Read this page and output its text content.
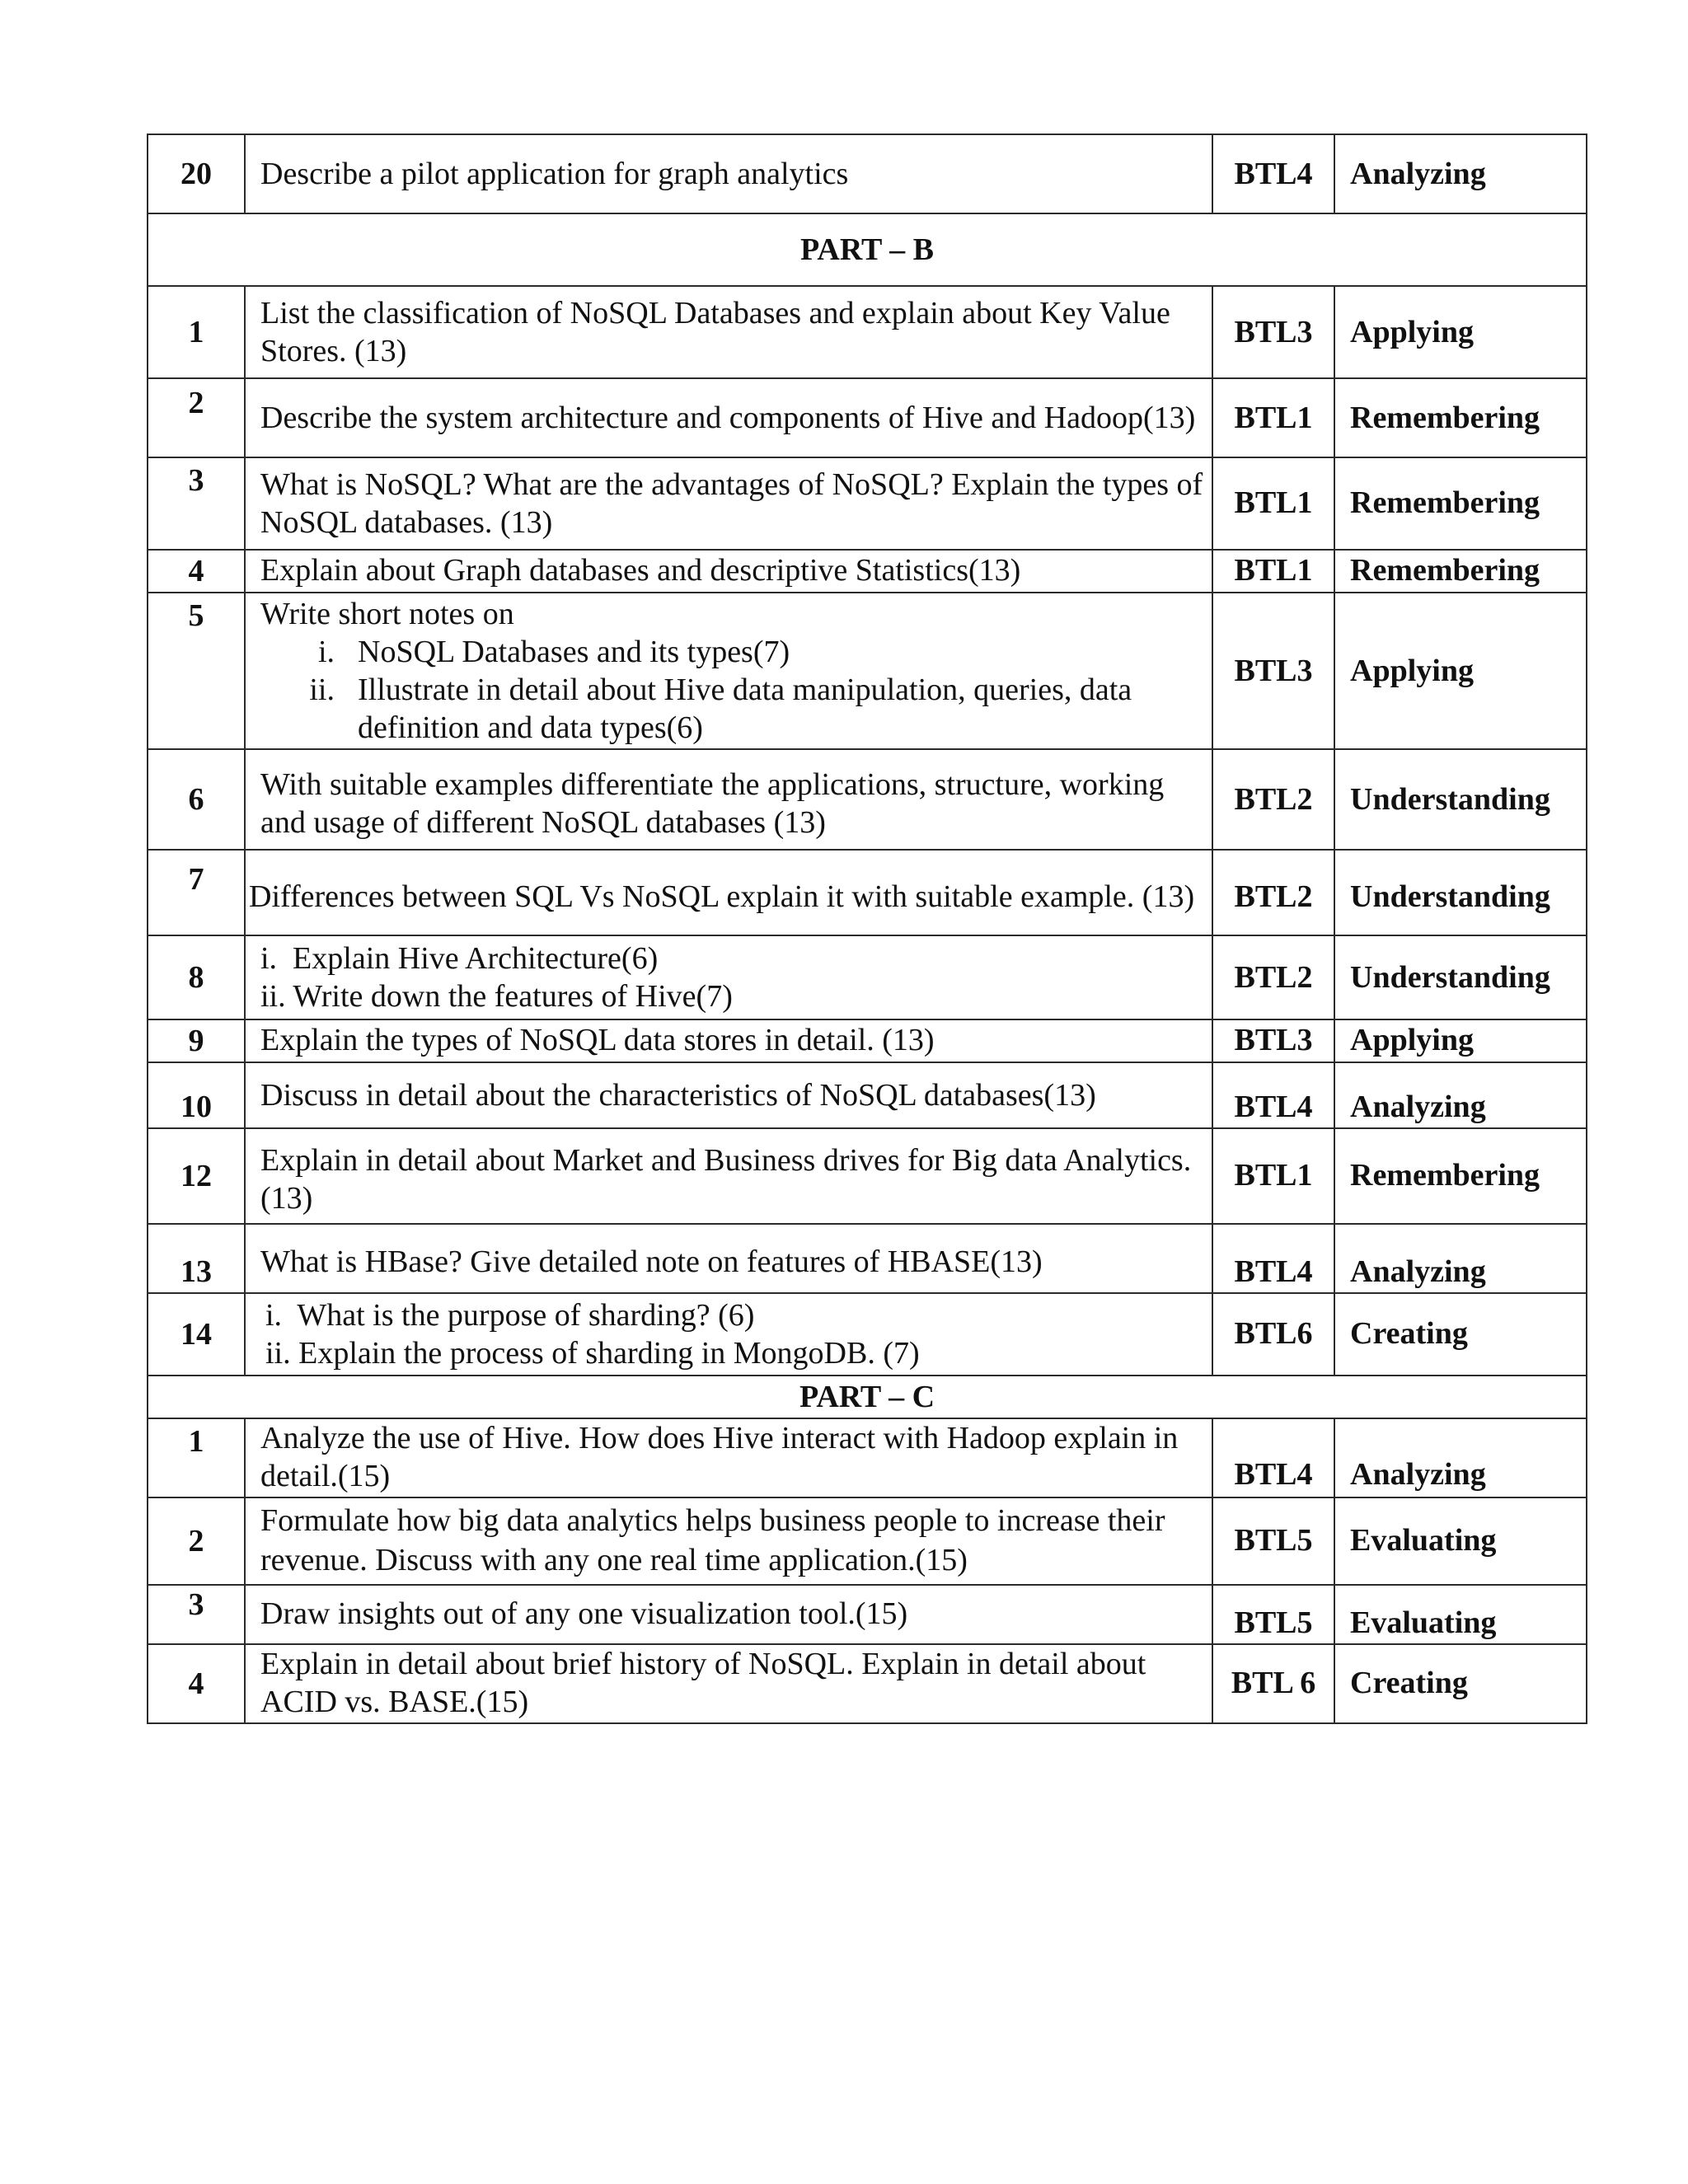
20	Describe a pilot application for graph analytics	BTL4	Analyzing
PART – B			
1	List the classification of NoSQL Databases and explain about Key Value Stores. (13)	BTL3	Applying
2	Describe the system architecture and components of Hive and Hadoop(13)	BTL1	Remembering
3	What is NoSQL? What are the advantages of NoSQL? Explain the types of NoSQL databases. (13)	BTL1	Remembering
4	Explain about Graph databases and descriptive Statistics(13)	BTL1	Remembering
5	Write short notes on
i. NoSQL Databases and its types(7)
ii. Illustrate in detail about Hive data manipulation, queries, data definition and data types(6)	BTL3	Applying
6	With suitable examples differentiate the applications, structure, working and usage of different NoSQL databases (13)	BTL2	Understanding
7	Differences between SQL Vs NoSQL explain it with suitable example. (13)	BTL2	Understanding
8	i.  Explain Hive Architecture(6)
ii. Write down the features of Hive(7)	BTL2	Understanding
9	Explain the types of NoSQL data stores in detail. (13)	BTL3	Applying
10	Discuss in detail about the characteristics of NoSQL databases(13)	BTL4	Analyzing
12	Explain in detail about Market and Business drives for Big data Analytics. (13)	BTL1	Remembering
13	What is HBase? Give detailed note on features of HBASE(13)	BTL4	Analyzing
14	i.  What is the purpose of sharding? (6)
ii. Explain the process of sharding in MongoDB. (7)	BTL6	Creating
PART – C			
1	Analyze the use of Hive. How does Hive interact with Hadoop explain in detail.(15)	BTL4	Analyzing
2	Formulate how big data analytics helps business people to increase their revenue. Discuss with any one real time application.(15)	BTL5	Evaluating
3	Draw insights out of any one visualization tool.(15)	BTL5	Evaluating
4	Explain in detail about brief history of NoSQL. Explain in detail about ACID vs. BASE.(15)	BTL 6	Creating
